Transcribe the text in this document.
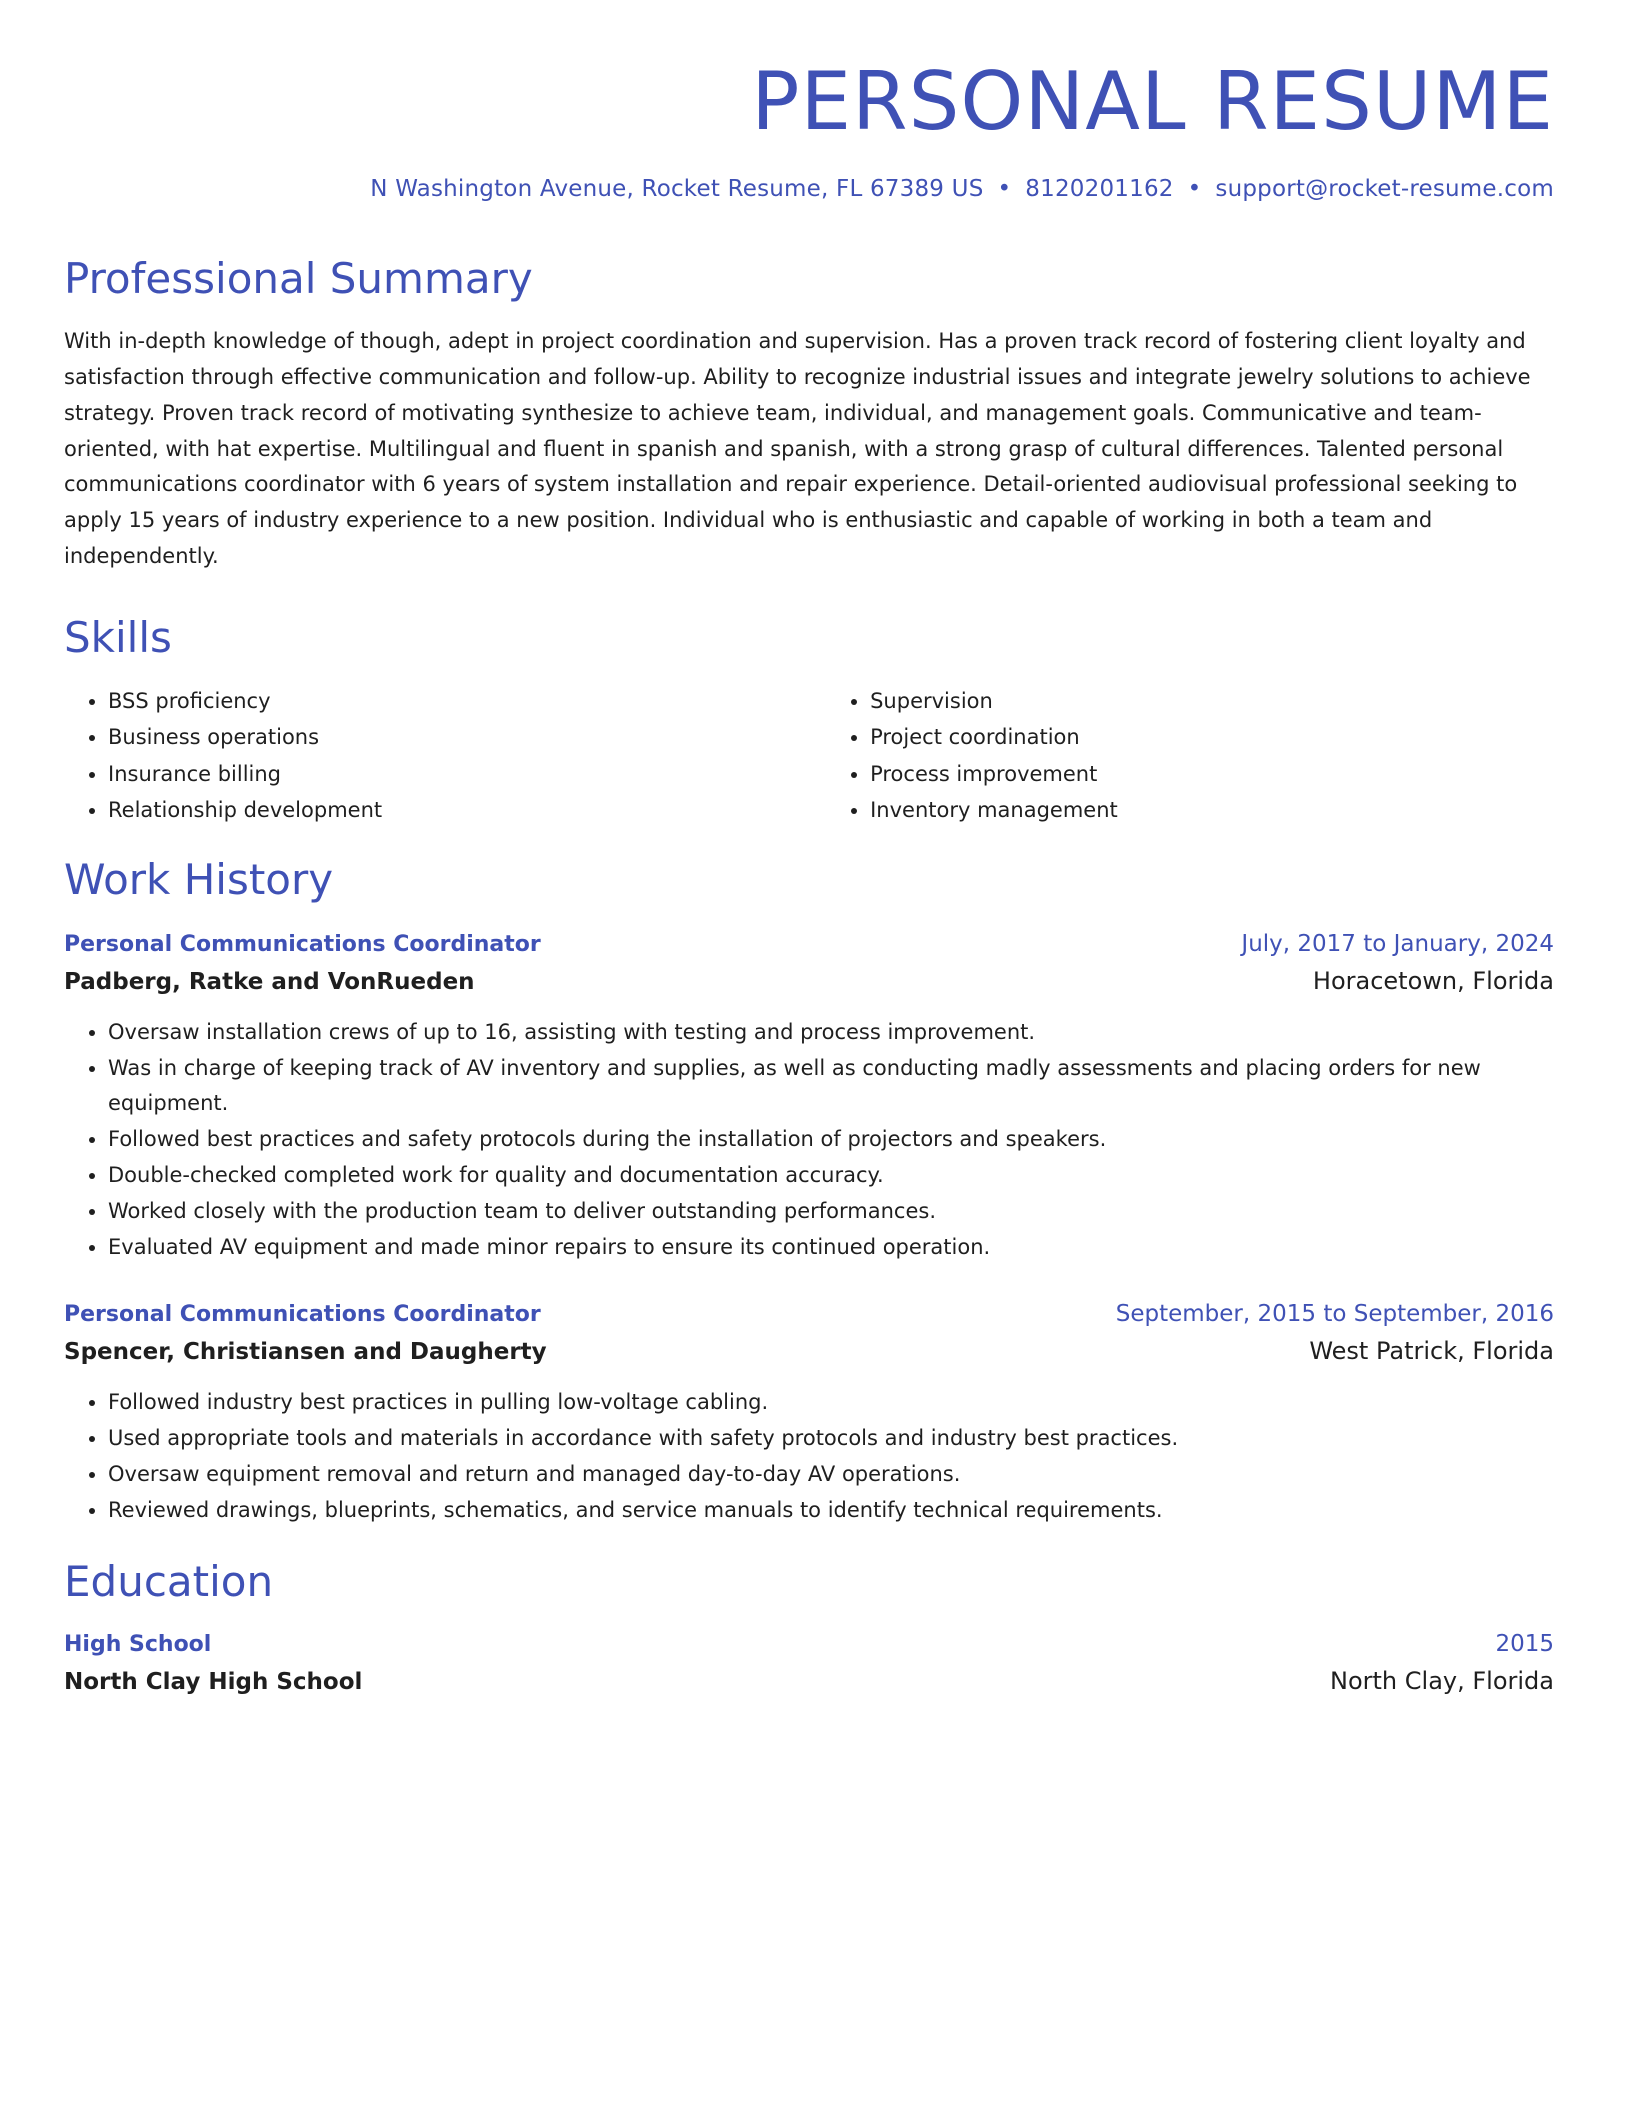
PERSONAL RESUME
N Washington Avenue, Rocket Resume, FL 67389 US • 8120201162 • support@rocket-resume.com
Professional Summary
With in-depth knowledge of though, adept in project coordination and supervision. Has a proven track record of fostering client loyalty and satisfaction through effective communication and follow-up. Ability to recognize industrial issues and integrate jewelry solutions to achieve strategy. Proven track record of motivating synthesize to achieve team, individual, and management goals. Communicative and team-oriented, with hat expertise. Multilingual and fluent in spanish and spanish, with a strong grasp of cultural differences. Talented personal communications coordinator with 6 years of system installation and repair experience. Detail-oriented audiovisual professional seeking to apply 15 years of industry experience to a new position. Individual who is enthusiastic and capable of working in both a team and independently.
Skills
• BSS proficiency
• Business operations
• Insurance billing
• Relationship development
• Supervision
• Project coordination
• Process improvement
• Inventory management
Work History
Personal Communications Coordinator	July, 2017 to January, 2024
Padberg, Ratke and VonRueden	Horacetown, Florida
• Oversaw installation crews of up to 16, assisting with testing and process improvement.
• Was in charge of keeping track of AV inventory and supplies, as well as conducting madly assessments and placing orders for new equipment.
• Followed best practices and safety protocols during the installation of projectors and speakers.
• Double-checked completed work for quality and documentation accuracy.
• Worked closely with the production team to deliver outstanding performances.
• Evaluated AV equipment and made minor repairs to ensure its continued operation.
Personal Communications Coordinator	September, 2015 to September, 2016
Spencer, Christiansen and Daugherty	West Patrick, Florida
• Followed industry best practices in pulling low-voltage cabling.
• Used appropriate tools and materials in accordance with safety protocols and industry best practices.
• Oversaw equipment removal and return and managed day-to-day AV operations.
• Reviewed drawings, blueprints, schematics, and service manuals to identify technical requirements.
Education
High School	2015
North Clay High School	North Clay, Florida
